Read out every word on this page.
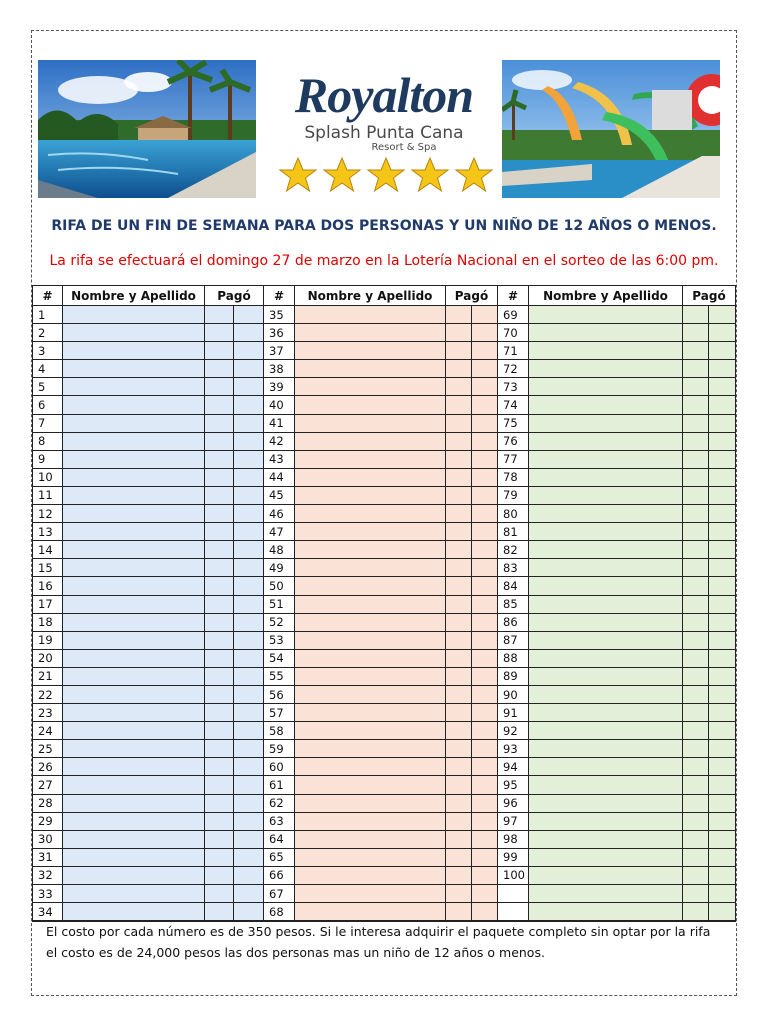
Royalton
Splash Punta Cana
Resort & Spa
RIFA DE UN FIN DE SEMANA PARA DOS PERSONAS Y UN NIÑO DE 12 AÑOS O MENOS.
La rifa se efectuará el domingo 27 de marzo en la Lotería Nacional en el sorteo de las 6:00 pm.
#	Nombre y Apellido	Pagó	#	Nombre y Apellido	Pagó	#	Nombre y Apellido	Pagó
1	35	69
2	36	70
3	37	71
4	38	72
5	39	73
6	40	74
7	41	75
8	42	76
9	43	77
10	44	78
11	45	79
12	46	80
13	47	81
14	48	82
15	49	83
16	50	84
17	51	85
18	52	86
19	53	87
20	54	88
21	55	89
22	56	90
23	57	91
24	58	92
25	59	93
26	60	94
27	61	95
28	62	96
29	63	97
30	64	98
31	65	99
32	66	100
33	67
34	68
El costo por cada número es de 350 pesos. Si le interesa adquirir el paquete completo sin optar por la rifa
el costo es de 24,000 pesos las dos personas mas un niño de 12 años o menos.
